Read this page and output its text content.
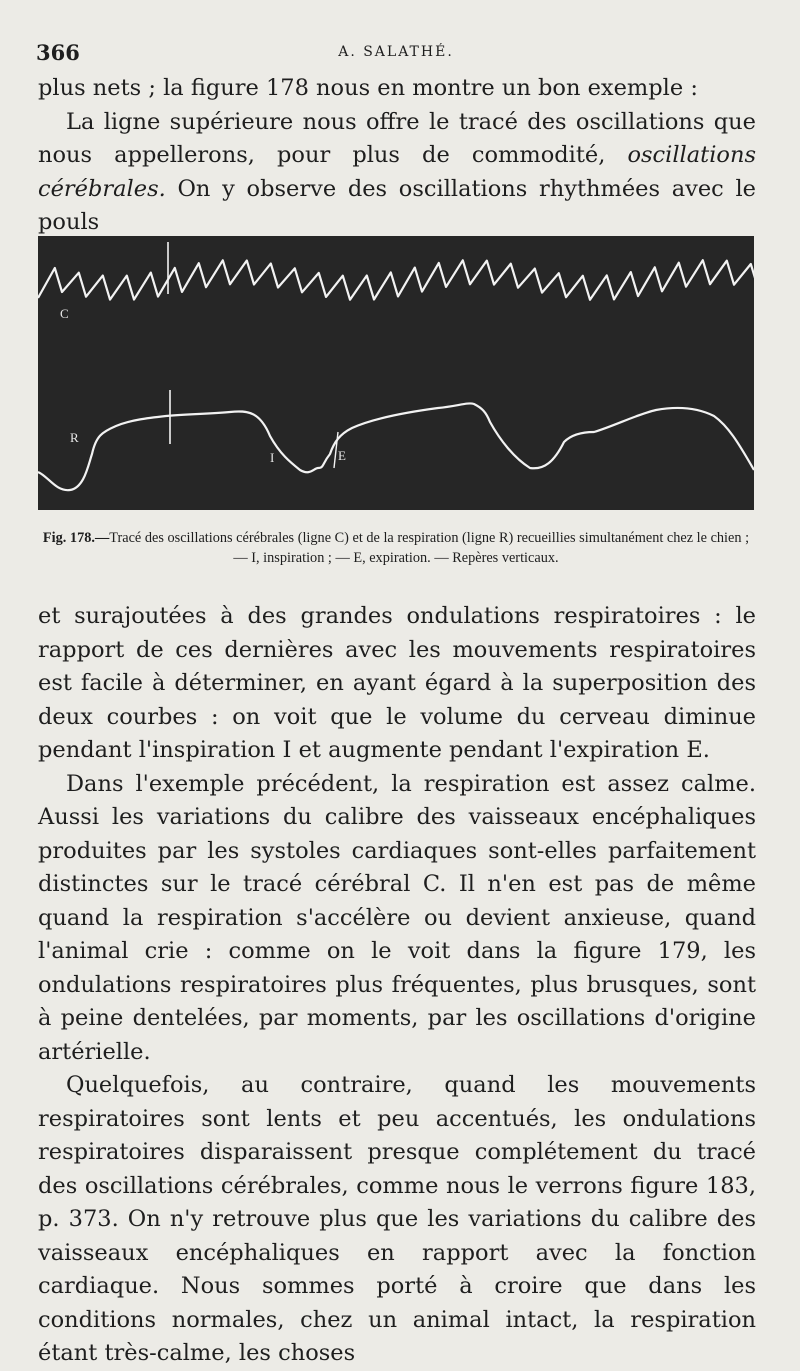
366	A. SALATHÉ.

plus nets ; la figure 178 nous en montre un bon exemple :

La ligne supérieure nous offre le tracé des oscillations que nous appellerons, pour plus de commodité, oscillations cérébrales. On y observe des oscillations rhythmées avec le pouls

C
R
I	E

Fig. 178.—Tracé des oscillations cérébrales (ligne C) et de la respiration (ligne R) recueillies simultanément chez le chien ; — I, inspiration ; — E, expiration. — Repères verticaux.

et surajoutées à des grandes ondulations respiratoires : le rapport de ces dernières avec les mouvements respiratoires est facile à déterminer, en ayant égard à la superposition des deux courbes : on voit que le volume du cerveau diminue pendant l'inspiration I et augmente pendant l'expiration E.

Dans l'exemple précédent, la respiration est assez calme. Aussi les variations du calibre des vaisseaux encéphaliques produites par les systoles cardiaques sont-elles parfaitement distinctes sur le tracé cérébral C. Il n'en est pas de même quand la respiration s'accélère ou devient anxieuse, quand l'animal crie : comme on le voit dans la figure 179, les ondulations respiratoires plus fréquentes, plus brusques, sont à peine dentelées, par moments, par les oscillations d'origine artérielle.

Quelquefois, au contraire, quand les mouvements respiratoires sont lents et peu accentués, les ondulations respiratoires disparaissent presque complétement du tracé des oscillations cérébrales, comme nous le verrons figure 183, p. 373. On n'y retrouve plus que les variations du calibre des vaisseaux encéphaliques en rapport avec la fonction cardiaque. Nous sommes porté à croire que dans les conditions normales, chez un animal intact, la respiration étant très-calme, les choses
